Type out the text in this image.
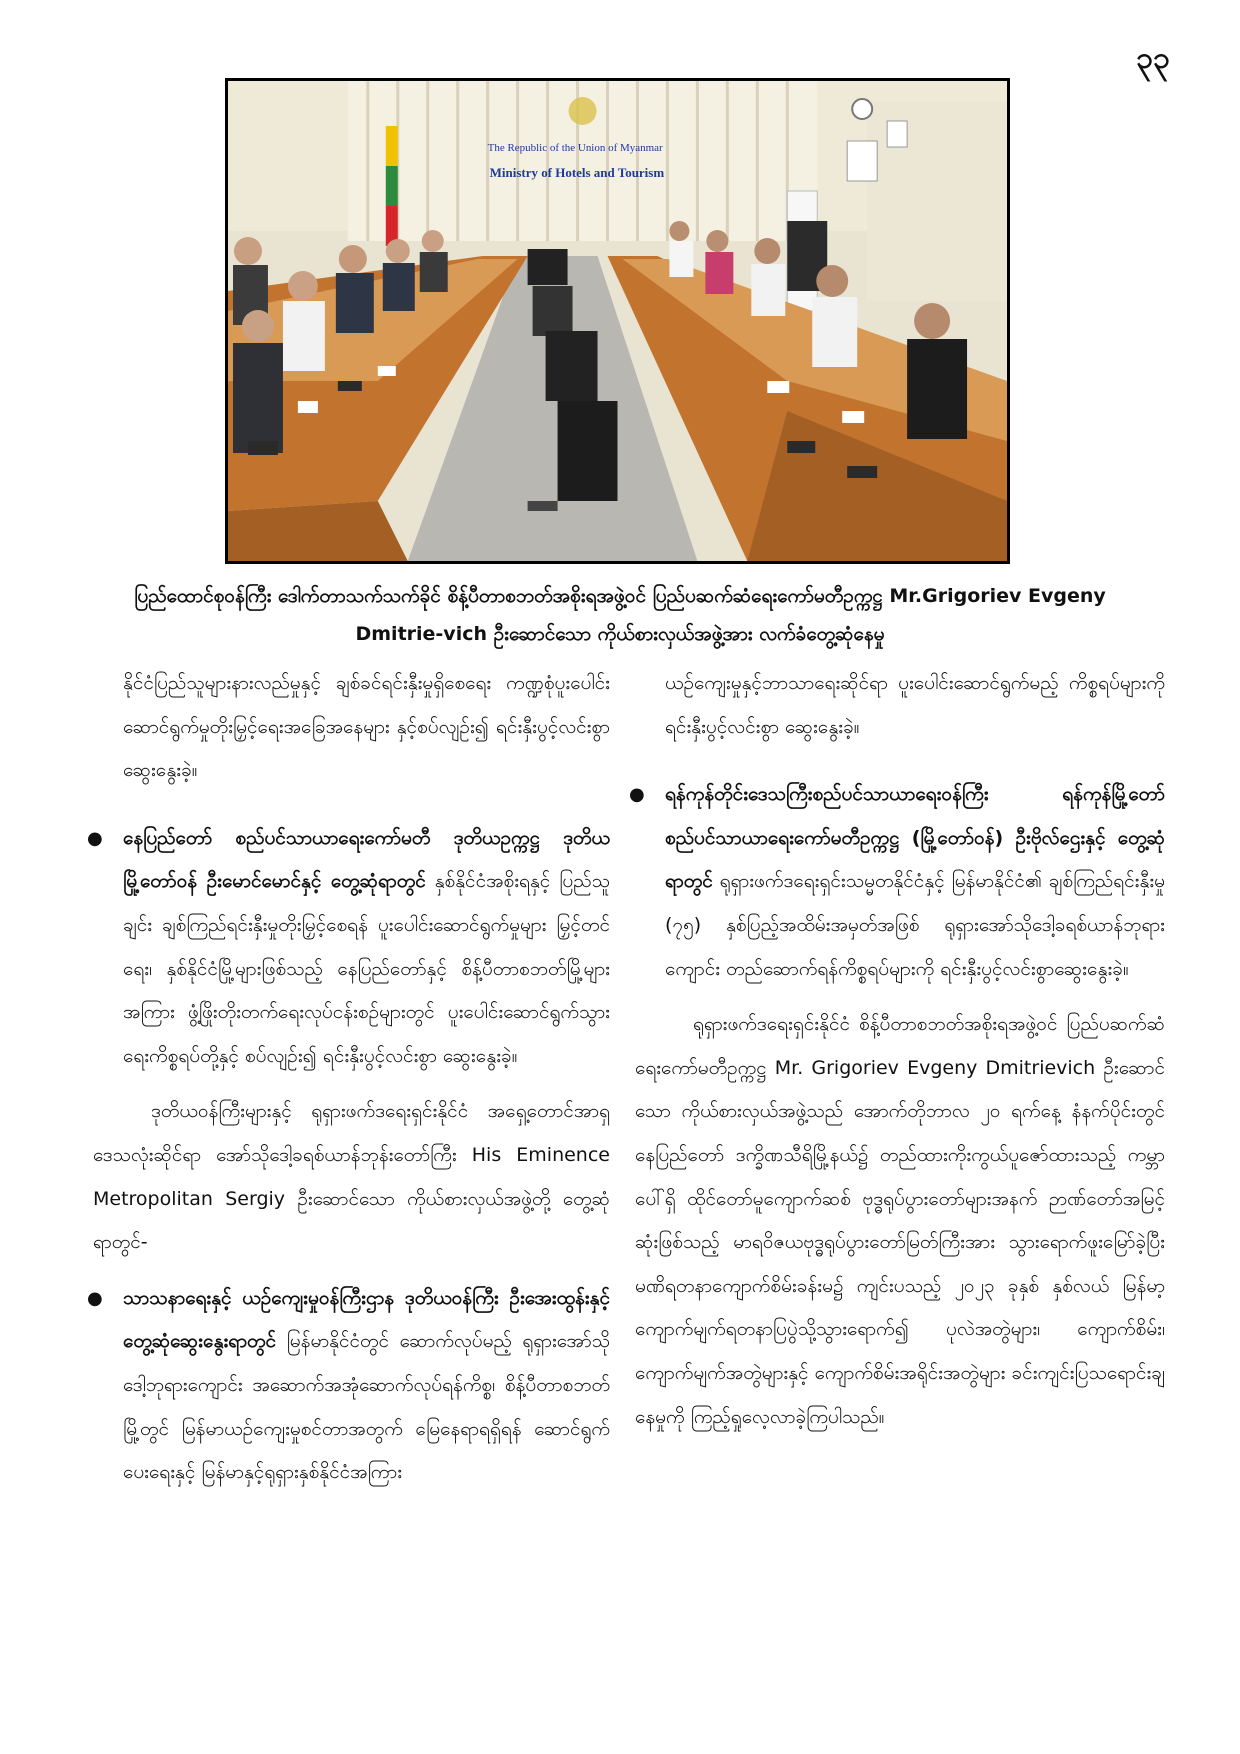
၃၃
The Republic of the Union of Myanmar
Ministry of Hotels and Tourism
ပြည်ထောင်စုဝန်ကြီး ဒေါက်တာသက်သက်ခိုင် စိန့်ပီတာစဘတ်အစိုးရအဖွဲ့ဝင် ပြည်ပဆက်ဆံရေးကော်မတီဥက္ကဋ္ဌ Mr.Grigoriev Evgeny
Dmitrie-vich ဦးဆောင်သော ကိုယ်စားလှယ်အဖွဲ့အား လက်ခံတွေ့ဆုံနေမှု

နိုင်ငံပြည်သူများနားလည်မှုနှင့် ချစ်ခင်ရင်းနှီးမှုရှိစေရေး ကဏ္ဍစုံပူးပေါင်းဆောင်ရွက်မှုတိုးမြှင့်ရေးအခြေအနေများ နှင့်စပ်လျဉ်း၍ ရင်းနှီးပွင့်လင်းစွာ ဆွေးနွေးခဲ့။

● နေပြည်တော် စည်ပင်သာယာရေးကော်မတီ ဒုတိယဥက္ကဋ္ဌ ဒုတိယမြို့တော်ဝန် ဦးမောင်မောင်နှင့် တွေ့ဆုံရာတွင် နှစ်နိုင်ငံအစိုးရနှင့် ပြည်သူချင်း ချစ်ကြည်ရင်းနှီးမှုတိုးမြှင့်စေရန် ပူးပေါင်းဆောင်ရွက်မှုများ မြှင့်တင်ရေး၊ နှစ်နိုင်ငံမြို့များဖြစ်သည့် နေပြည်တော်နှင့် စိန့်ပီတာစဘတ်မြို့များအကြား ဖွံ့ဖြိုးတိုးတက်ရေးလုပ်ငန်းစဉ်များတွင် ပူးပေါင်းဆောင်ရွက်သွားရေးကိစ္စရပ်တို့နှင့် စပ်လျဉ်း၍ ရင်းနှီးပွင့်လင်းစွာ ဆွေးနွေးခဲ့။

ဒုတိယဝန်ကြီးများနှင့် ရုရှားဖက်ဒရေးရှင်းနိုင်ငံ အရှေ့တောင်အာရှဒေသလုံးဆိုင်ရာ အော်သိုဒေါ့ခရစ်ယာန်ဘုန်းတော်ကြီး His Eminence Metropolitan Sergiy ဦးဆောင်သော ကိုယ်စားလှယ်အဖွဲ့တို့ တွေ့ဆုံရာတွင်-

● သာသနာရေးနှင့် ယဉ်ကျေးမှုဝန်ကြီးဌာန ဒုတိယဝန်ကြီး ဦးအေးထွန်းနှင့် တွေ့ဆုံဆွေးနွေးရာတွင် မြန်မာနိုင်ငံတွင် ဆောက်လုပ်မည့် ရုရှားအော်သိုဒေါ့ဘုရားကျောင်း အဆောက်အအုံဆောက်လုပ်ရန်ကိစ္စ၊ စိန့်ပီတာစဘတ်မြို့တွင် မြန်မာယဉ်ကျေးမှုစင်တာအတွက် မြေနေရာရရှိရန် ဆောင်ရွက်ပေးရေးနှင့် မြန်မာနှင့်ရုရှားနှစ်နိုင်ငံအကြား

ယဉ်ကျေးမှုနှင့်ဘာသာရေးဆိုင်ရာ ပူးပေါင်းဆောင်ရွက်မည့် ကိစ္စရပ်များကို ရင်းနှီးပွင့်လင်းစွာ ဆွေးနွေးခဲ့။

● ရန်ကုန်တိုင်းဒေသကြီးစည်ပင်သာယာရေးဝန်ကြီး ရန်ကုန်မြို့တော် စည်ပင်သာယာရေးကော်မတီဥက္ကဋ္ဌ (မြို့တော်ဝန်) ဦးဗိုလ်ဌေးနှင့် တွေ့ဆုံရာတွင် ရုရှားဖက်ဒရေးရှင်းသမ္မတနိုင်ငံနှင့် မြန်မာနိုင်ငံ၏ ချစ်ကြည်ရင်းနှီးမှု (၇၅) နှစ်ပြည့်အထိမ်းအမှတ်အဖြစ် ရုရှားအော်သိုဒေါ့ခရစ်ယာန်ဘုရားကျောင်း တည်ဆောက်ရန်ကိစ္စရပ်များကို ရင်းနှီးပွင့်လင်းစွာဆွေးနွေးခဲ့။

ရုရှားဖက်ဒရေးရှင်းနိုင်ငံ စိန့်ပီတာစဘတ်အစိုးရအဖွဲ့ဝင် ပြည်ပဆက်ဆံရေးကော်မတီဥက္ကဋ္ဌ Mr. Grigoriev Evgeny Dmitrievich ဦးဆောင်သော ကိုယ်စားလှယ်အဖွဲ့သည် အောက်တိုဘာလ ၂၀ ရက်နေ့ နံနက်ပိုင်းတွင် နေပြည်တော် ဒက္ခိဏသီရိမြို့နယ်၌ တည်ထားကိုးကွယ်ပူဇော်ထားသည့် ကမ္ဘာပေါ်ရှိ ထိုင်တော်မူကျောက်ဆစ် ဗုဒ္ဓရုပ်ပွားတော်များအနက် ဉာဏ်တော်အမြင့်ဆုံးဖြစ်သည့် မာရဝိဇယဗုဒ္ဓရုပ်ပွားတော်မြတ်ကြီးအား သွားရောက်ဖူးမြော်ခဲ့ပြီး မဏိရတနာကျောက်စိမ်းခန်းမ၌ ကျင်းပသည့် ၂၀၂၃ ခုနှစ် နှစ်လယ် မြန်မာ့ကျောက်မျက်ရတနာပြပွဲသို့သွားရောက်၍ ပုလဲအတွဲများ၊ ကျောက်စိမ်း၊ ကျောက်မျက်အတွဲများနှင့် ကျောက်စိမ်းအရိုင်းအတွဲများ ခင်းကျင်းပြသရောင်းချနေမှုကို ကြည့်ရှုလေ့လာခဲ့ကြပါသည်။
